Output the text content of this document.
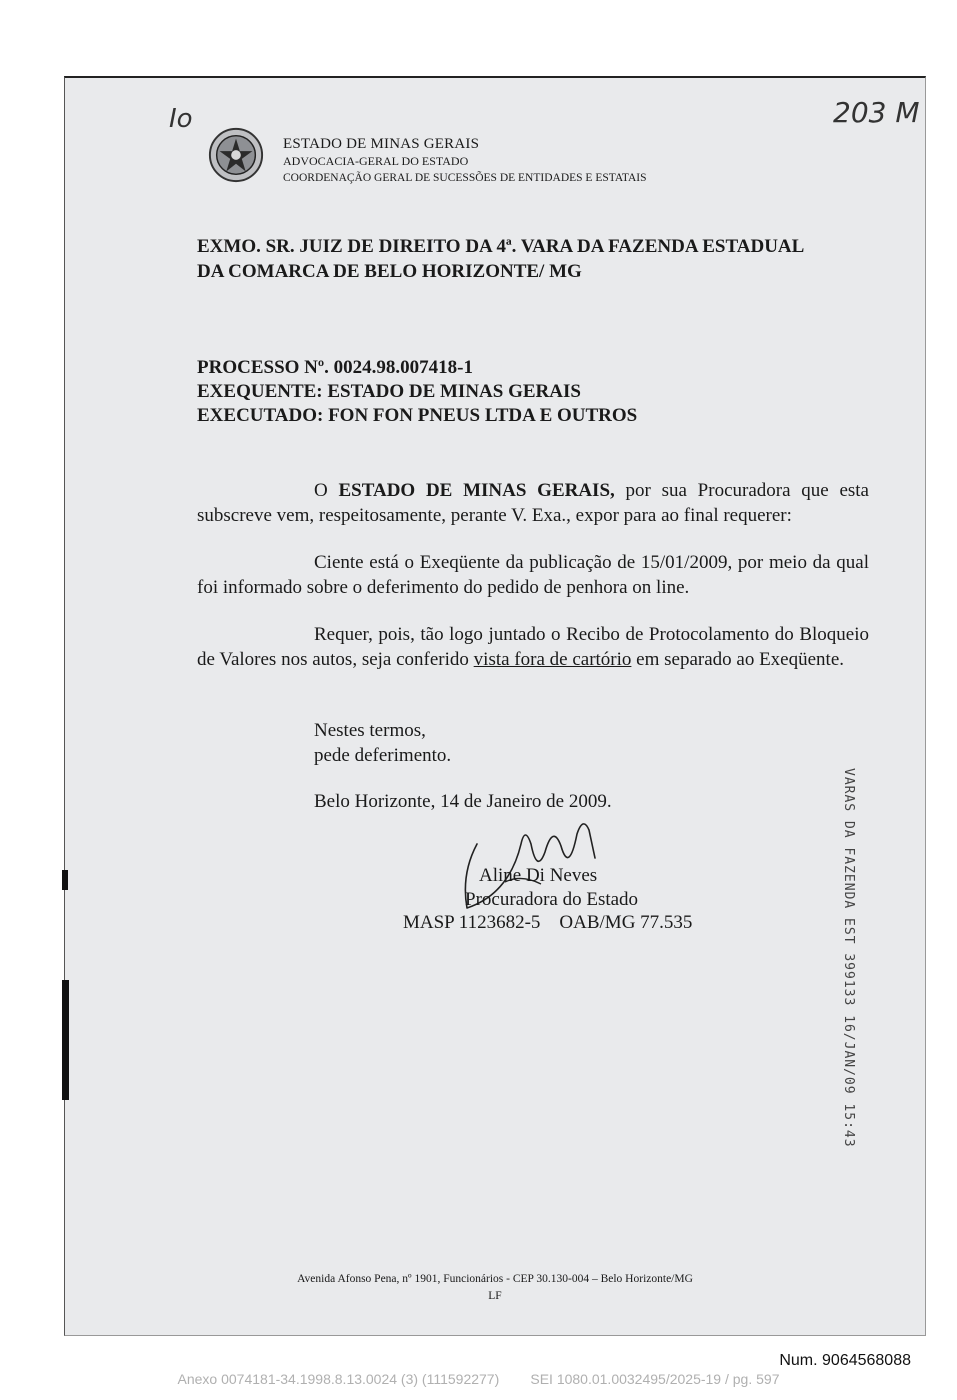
Io	203 M
ESTADO DE MINAS GERAIS
ADVOCACIA-GERAL DO ESTADO
COORDENAÇÃO GERAL DE SUCESSÕES DE ENTIDADES E ESTATAIS
EXMO. SR. JUIZ DE DIREITO DA 4ª. VARA DA FAZENDA ESTADUAL
DA COMARCA DE BELO HORIZONTE/ MG
PROCESSO Nº. 0024.98.007418-1
EXEQUENTE: ESTADO DE MINAS GERAIS
EXECUTADO: FON FON PNEUS LTDA E OUTROS
O ESTADO DE MINAS GERAIS, por sua Procuradora que esta subscreve vem, respeitosamente, perante V. Exa., expor para ao final requerer:
Ciente está o Exeqüente da publicação de 15/01/2009, por meio da qual foi informado sobre o deferimento do pedido de penhora on line.
Requer, pois, tão logo juntado o Recibo de Protocolamento do Bloqueio de Valores nos autos, seja conferido vista fora de cartório em separado ao Exeqüente.
Nestes termos,
pede deferimento.
Belo Horizonte, 14 de Janeiro de 2009.
Aline Di Neves
Procuradora do Estado
MASP 1123682-5    OAB/MG 77.535	VARAS DA FAZENDA EST 399133 16/JAN/09 15:43
Avenida Afonso Pena, nº 1901, Funcionários - CEP 30.130-004 – Belo Horizonte/MG
LF
Num. 9064568088
Anexo 0074181-34.1998.8.13.0024 (3) (111592277)        SEI 1080.01.0032495/2025-19 / pg. 597
